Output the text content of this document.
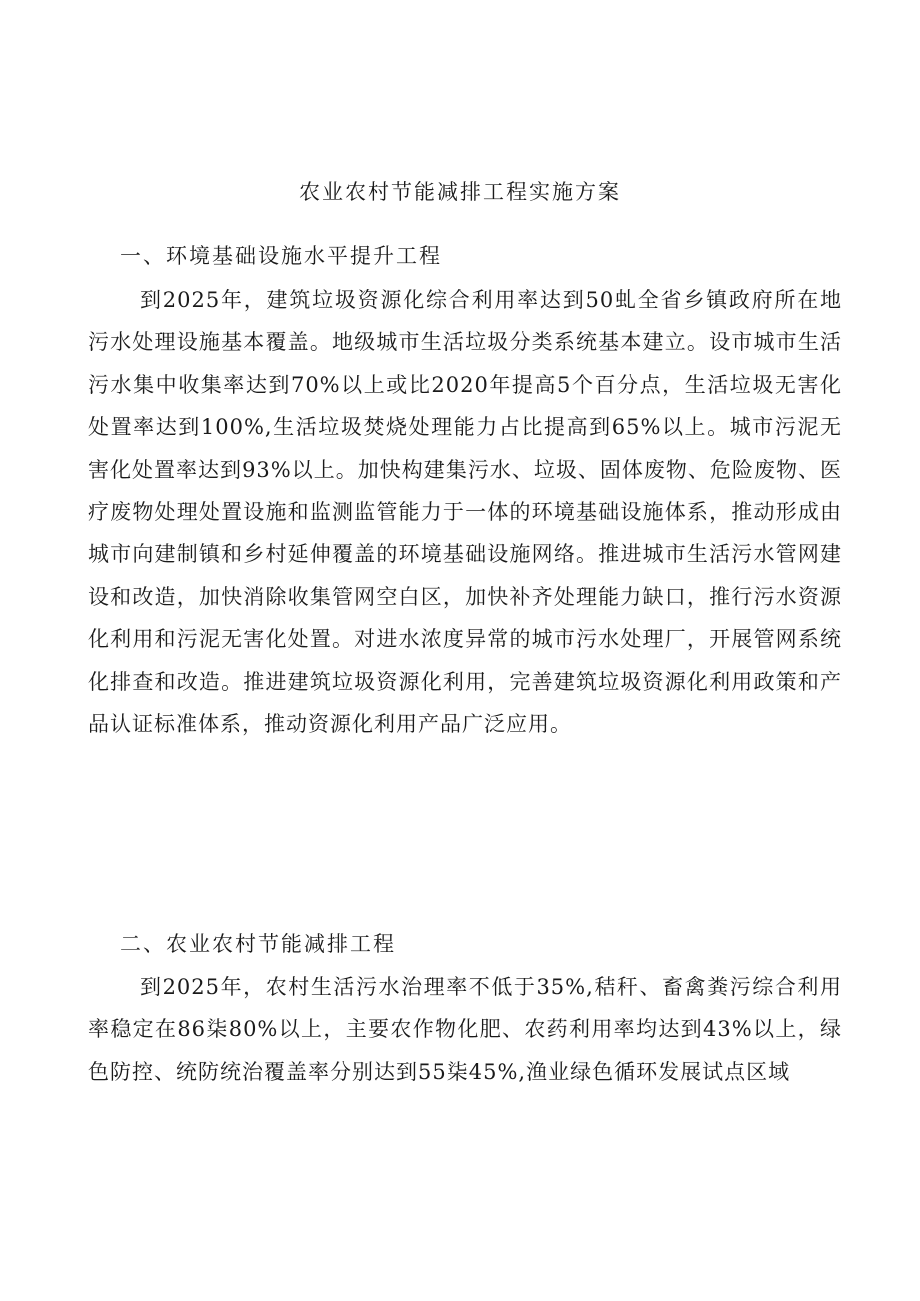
农业农村节能减排工程实施方案
一、环境基础设施水平提升工程

到2025年，建筑垃圾资源化综合利用率达到50虬全省乡镇政府所在地污水处理设施基本覆盖。地级城市生活垃圾分类系统基本建立。设市城市生活污水集中收集率达到70%以上或比2020年提高5个百分点，生活垃圾无害化处置率达到100%,生活垃圾焚烧处理能力占比提高到65%以上。城市污泥无害化处置率达到93%以上。加快构建集污水、垃圾、固体废物、危险废物、医疗废物处理处置设施和监测监管能力于一体的环境基础设施体系，推动形成由城市向建制镇和乡村延伸覆盖的环境基础设施网络。推进城市生活污水管网建设和改造，加快消除收集管网空白区，加快补齐处理能力缺口，推行污水资源化利用和污泥无害化处置。对进水浓度异常的城市污水处理厂，开展管网系统化排查和改造。推进建筑垃圾资源化利用，完善建筑垃圾资源化利用政策和产品认证标准体系，推动资源化利用产品广泛应用。

二、农业农村节能减排工程

到2025年，农村生活污水治理率不低于35%,秸秆、畜禽粪污综合利用率稳定在86柒80%以上，主要农作物化肥、农药利用率均达到43%以上，绿色防控、统防统治覆盖率分别达到55柒45%,渔业绿色循环发展试点区域
